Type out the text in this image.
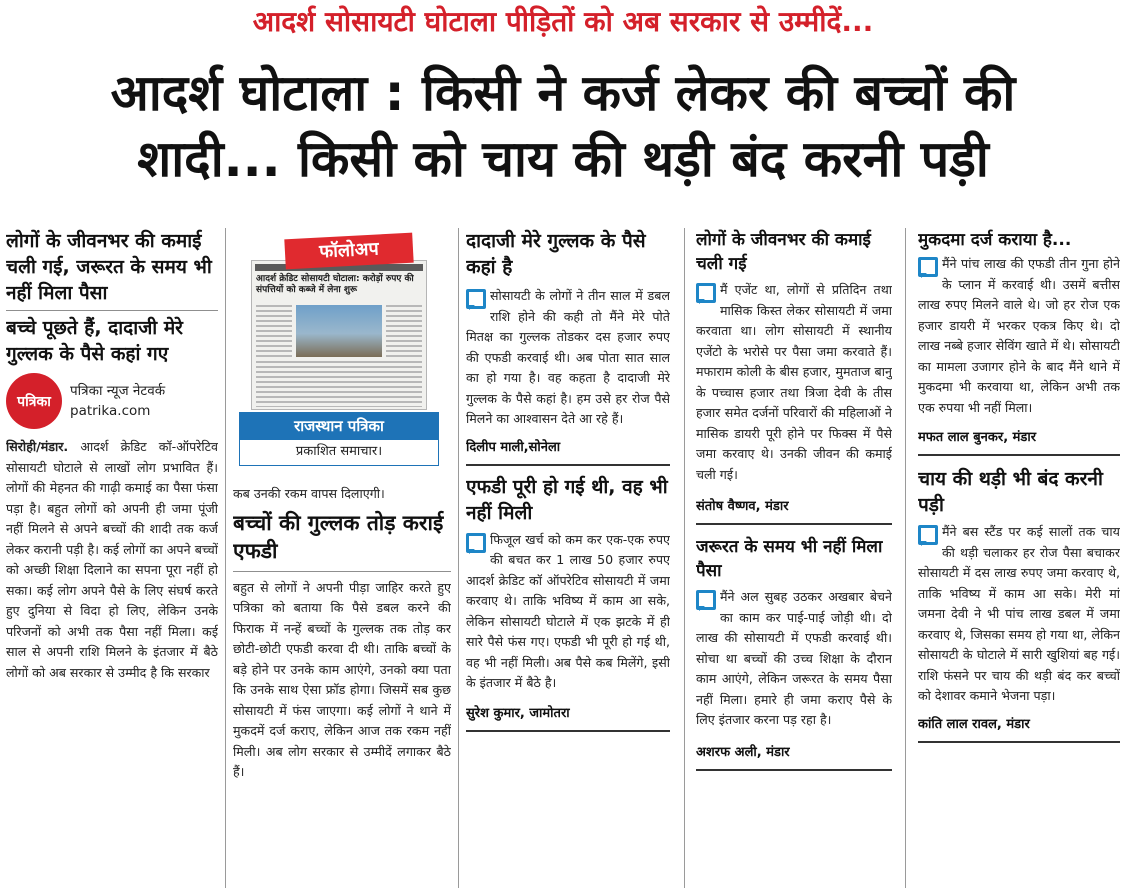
आदर्श सोसायटी घोटाला पीड़ितों को अब सरकार से उम्मीदें...
आदर्श घोटाला : किसी ने कर्ज लेकर की बच्चों की
शादी... किसी को चाय की थड़ी बंद करनी पड़ी
लोगों के जीवनभर की कमाई चली गई, जरूरत के समय भी नहीं मिला पैसा
बच्चे पूछते हैं, दादाजी मेरे गुल्लक के पैसे कहां गए
पत्रिका
पत्रिका न्यूज नेटवर्क
patrika.com
सिरोही/मंडार. आदर्श क्रेडिट कॉ-ऑपरेटिव सोसायटी घोटाले से लाखों लोग प्रभावित हैं। लोगों की मेहनत की गाढ़ी कमाई का पैसा फंसा पड़ा है। बहुत लोगों को अपनी ही जमा पूंजी नहीं मिलने से अपने बच्चों की शादी तक कर्ज लेकर करानी पड़ी है। कई लोगों का अपने बच्चों को अच्छी शिक्षा दिलाने का सपना पूरा नहीं हो सका। कई लोग अपने पैसे के लिए संघर्ष करते हुए दुनिया से विदा हो लिए, लेकिन उनके परिजनों को अभी तक पैसा नहीं मिला। कई साल से अपनी राशि मिलने के इंतजार में बैठे लोगों को अब सरकार से उम्मीद है कि सरकार
फॉलोअप
आदर्श क्रेडिट सोसायटी घोटाला: करोड़ों रुपए की संपत्तियों को कब्जे में लेना शुरू
राजस्थान पत्रिका
प्रकाशित समाचार।
कब उनकी रकम वापस दिलाएगी।
बच्चों की गुल्लक तोड़ कराई एफडी
बहुत से लोगों ने अपनी पीड़ा जाहिर करते हुए पत्रिका को बताया कि पैसे डबल करने की फिराक में नन्हें बच्चों के गुल्लक तक तोड़ कर छोटी-छोटी एफडी करवा दी थी। ताकि बच्चों के बड़े होने पर उनके काम आएंगे, उनको क्या पता कि उनके साथ ऐसा फ्रॉड होगा। जिसमें सब कुछ सोसायटी में फंस जाएगा। कई लोगों ने थाने में मुकदमें दर्ज कराए, लेकिन आज तक रकम नहीं मिली। अब लोग सरकार से उम्मीदें लगाकर बैठे हैं।
दादाजी मेरे गुल्लक के पैसे कहां है
सोसायटी के लोगों ने तीन साल में डबल राशि होने की कही तो मैंने मेरे पोते मितक्ष का गुल्लक तोडकर दस हजार रुपए की एफडी करवाई थी। अब पोता सात साल का हो गया है। वह कहता है दादाजी मेरे गुल्लक के पैसे कहां है। हम उसे हर रोज पैसे मिलने का आश्वासन देते आ रहे हैं।
दिलीप माली,सोनेला
एफडी पूरी हो गई थी, वह भी नहीं मिली
फिजूल खर्च को कम कर एक-एक रुपए की बचत कर 1 लाख 50 हजार रुपए आदर्श क्रेडिट कॉ ऑपरेटिव सोसायटी में जमा करवाए थे। ताकि भविष्य में काम आ सके, लेकिन सोसायटी घोटाले में एक झटके में ही सारे पैसे फंस गए। एफडी भी पूरी हो गई थी, वह भी नहीं मिली। अब पैसे कब मिलेंगे, इसी के इंतजार में बैठे है।
सुरेश कुमार, जामोतरा
लोगों के जीवनभर की कमाई चली गई
मैं एजेंट था, लोगों से प्रतिदिन तथा मासिक किस्त लेकर सोसायटी में जमा करवाता था। लोग सोसायटी में स्थानीय एजेंटो के भरोसे पर पैसा जमा करवाते हैं। मफाराम कोली के बीस हजार, मुमताज बानु के पच्चास हजार तथा त्रिजा देवी के तीस हजार समेत दर्जनों परिवारों की महिलाओं ने मासिक डायरी पूरी होने पर फिक्स में पैसे जमा करवाए थे। उनकी जीवन की कमाई चली गई।
संतोष वैष्णव, मंडार
जरूरत के समय भी नहीं मिला पैसा
मैंने अल सुबह उठकर अखबार बेचने का काम कर पाई-पाई जोड़ी थी। दो लाख की सोसायटी में एफडी करवाई थी। सोचा था बच्चों की उच्च शिक्षा के दौरान काम आएंगे, लेकिन जरूरत के समय पैसा नहीं मिला। हमारे ही जमा कराए पैसे के लिए इंतजार करना पड़ रहा है।
अशरफ अली, मंडार
मुकदमा दर्ज कराया है...
मैंने पांच लाख की एफडी तीन गुना होने के प्लान में करवाई थी। उसमें बत्तीस लाख रुपए मिलने वाले थे। जो हर रोज एक हजार डायरी में भरकर एकत्र किए थे। दो लाख नब्बे हजार सेविंग खाते में थे। सोसायटी का मामला उजागर होने के बाद मैंने थाने में मुकदमा भी करवाया था, लेकिन अभी तक एक रुपया भी नहीं मिला।
मफत लाल बुनकर, मंडार
चाय की थड़ी भी बंद करनी पड़ी
मैंने बस स्टैंड पर कई सालों तक चाय की थड़ी चलाकर हर रोज पैसा बचाकर सोसायटी में दस लाख रुपए जमा करवाए थे, ताकि भविष्य में काम आ सके। मेरी मां जमना देवी ने भी पांच लाख डबल में जमा करवाए थे, जिसका समय हो गया था, लेकिन सोसायटी के घोटाले में सारी खुशियां बह गई। राशि फंसने पर चाय की थड़ी बंद कर बच्चों को देशावर कमाने भेजना पड़ा।
कांति लाल रावल, मंडार
